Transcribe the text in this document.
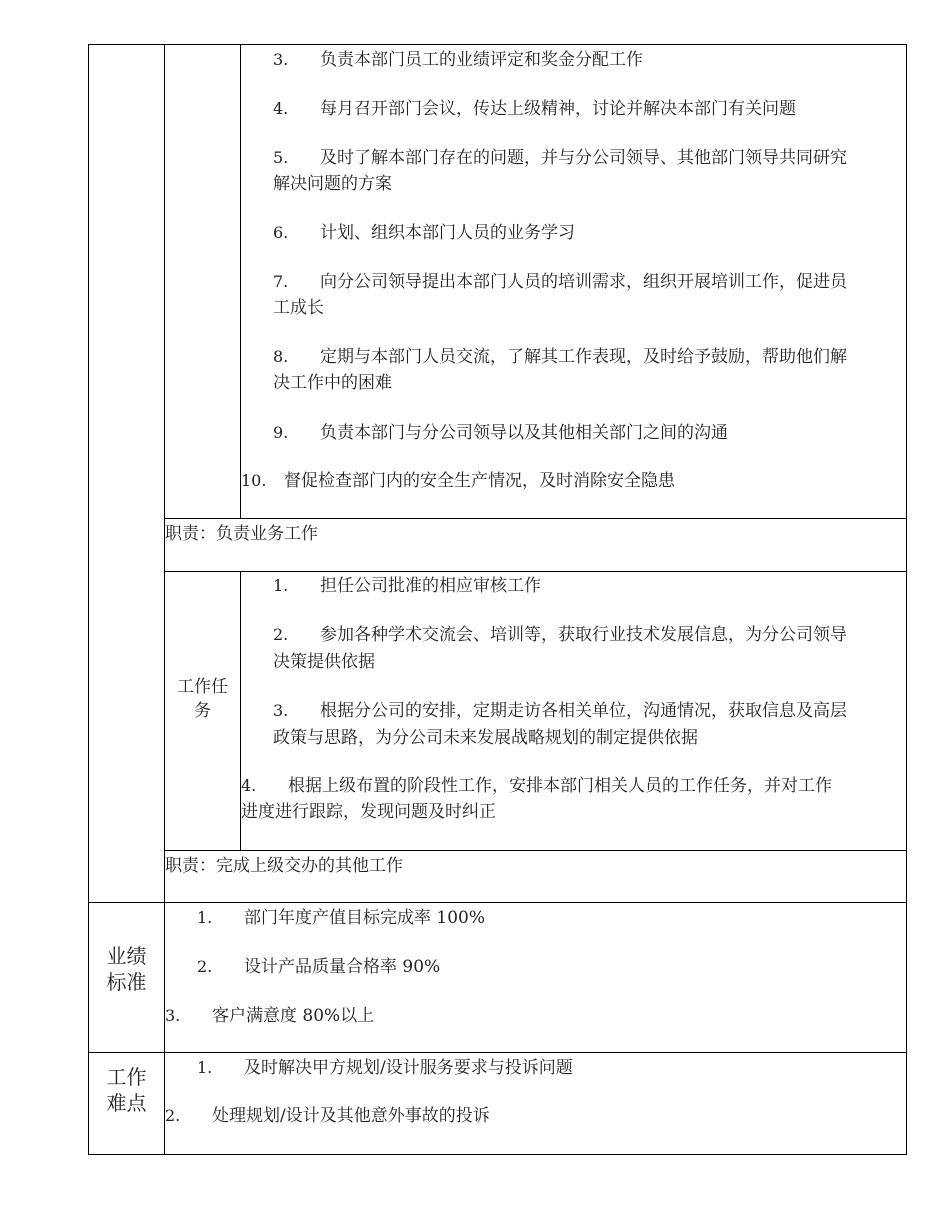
3. 负责本部门员工的业绩评定和奖金分配工作
4. 每月召开部门会议，传达上级精神，讨论并解决本部门有关问题
5. 及时了解本部门存在的问题，并与分公司领导、其他部门领导共同研究
解决问题的方案
6. 计划、组织本部门人员的业务学习
7. 向分公司领导提出本部门人员的培训需求，组织开展培训工作，促进员
工成长
8. 定期与本部门人员交流，了解其工作表现，及时给予鼓励，帮助他们解
决工作中的困难
9. 负责本部门与分公司领导以及其他相关部门之间的沟通
10. 督促检查部门内的安全生产情况，及时消除安全隐患
职责：负责业务工作
工作任
务
1. 担任公司批准的相应审核工作
2. 参加各种学术交流会、培训等，获取行业技术发展信息，为分公司领导
决策提供依据
3. 根据分公司的安排，定期走访各相关单位，沟通情况，获取信息及高层
政策与思路，为分公司未来发展战略规划的制定提供依据
4. 根据上级布置的阶段性工作，安排本部门相关人员的工作任务，并对工作
进度进行跟踪，发现问题及时纠正
职责：完成上级交办的其他工作
业绩
标准
1. 部门年度产值目标完成率 100%
2. 设计产品质量合格率 90%
3. 客户满意度 80%以上
工作
难点
1. 及时解决甲方规划/设计服务要求与投诉问题
2. 处理规划/设计及其他意外事故的投诉
